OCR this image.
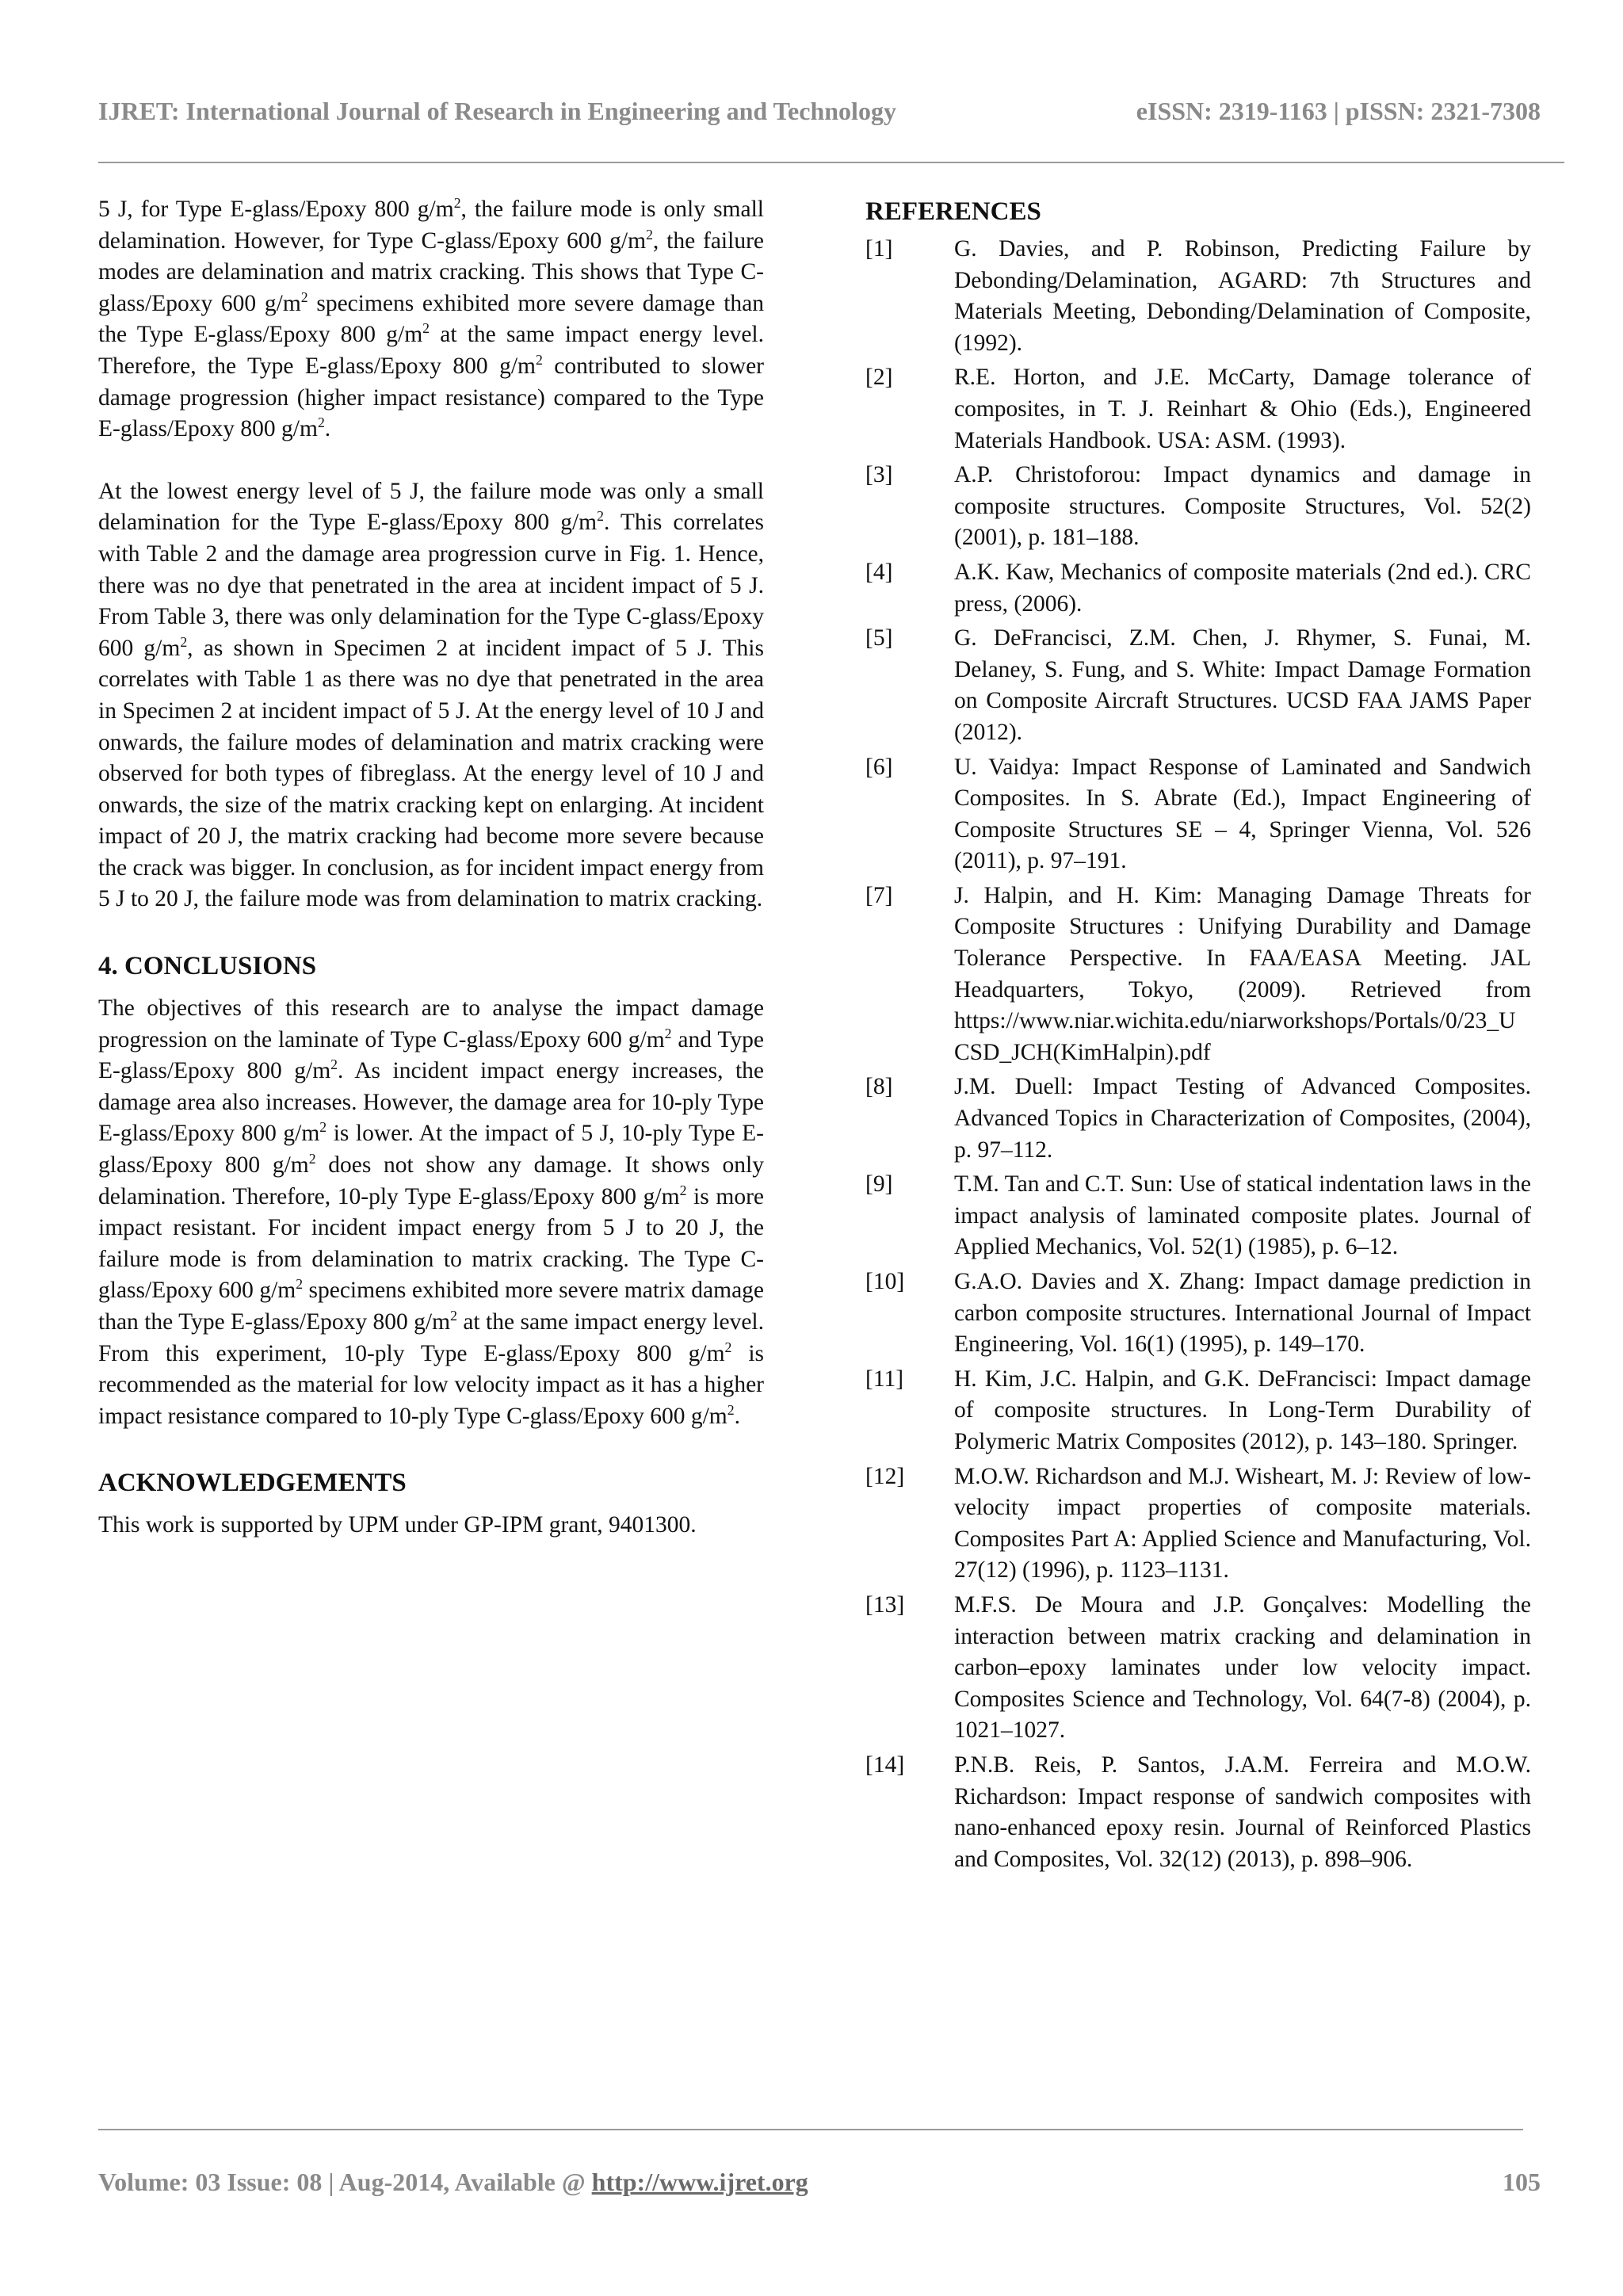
IJRET: International Journal of Research in Engineering and Technology	eISSN: 2319-1163 | pISSN: 2321-7308

5 J, for Type E-glass/Epoxy 800 $g/m^2$, the failure mode is only small delamination. However, for Type C-glass/Epoxy 600 $g/m^2$, the failure modes are delamination and matrix cracking. This shows that Type C-glass/Epoxy 600 $g/m^2$ specimens exhibited more severe damage than the Type E-glass/Epoxy 800 $g/m^2$ at the same impact energy level. Therefore, the Type E-glass/Epoxy 800 $g/m^2$ contributed to slower damage progression (higher impact resistance) compared to the Type E-glass/Epoxy 800 $g/m^2$.

At the lowest energy level of 5 J, the failure mode was only a small delamination for the Type E-glass/Epoxy 800 $g/m^2$. This correlates with Table 2 and the damage area progression curve in Fig. 1. Hence, there was no dye that penetrated in the area at incident impact of 5 J. From Table 3, there was only delamination for the Type C-glass/Epoxy 600 $g/m^2$, as shown in Specimen 2 at incident impact of 5 J. This correlates with Table 1 as there was no dye that penetrated in the area in Specimen 2 at incident impact of 5 J. At the energy level of 10 J and onwards, the failure modes of delamination and matrix cracking were observed for both types of fibreglass. At the energy level of 10 J and onwards, the size of the matrix cracking kept on enlarging. At incident impact of 20 J, the matrix cracking had become more severe because the crack was bigger. In conclusion, as for incident impact energy from 5 J to 20 J, the failure mode was from delamination to matrix cracking.

4. CONCLUSIONS

The objectives of this research are to analyse the impact damage progression on the laminate of Type C-glass/Epoxy 600 $g/m^2$ and Type E-glass/Epoxy 800 $g/m^2$. As incident impact energy increases, the damage area also increases. However, the damage area for 10-ply Type E-glass/Epoxy 800 $g/m^2$ is lower. At the impact of 5 J, 10-ply Type E-glass/Epoxy 800 $g/m^2$ does not show any damage. It shows only delamination. Therefore, 10-ply Type E-glass/Epoxy 800 $g/m^2$ is more impact resistant. For incident impact energy from 5 J to 20 J, the failure mode is from delamination to matrix cracking. The Type C-glass/Epoxy 600 $g/m^2$ specimens exhibited more severe matrix damage than the Type E-glass/Epoxy 800 $g/m^2$ at the same impact energy level. From this experiment, 10-ply Type E-glass/Epoxy 800 $g/m^2$ is recommended as the material for low velocity impact as it has a higher impact resistance compared to 10-ply Type C-glass/Epoxy 600 $g/m^2$.

ACKNOWLEDGEMENTS

This work is supported by UPM under GP-IPM grant, 9401300.

REFERENCES
[1]	G. Davies, and P. Robinson, Predicting Failure by Debonding/Delamination, AGARD: 7th Structures and Materials Meeting, Debonding/Delamination of Composite, (1992).
[2]	R.E. Horton, and J.E. McCarty, Damage tolerance of composites, in T. J. Reinhart & Ohio (Eds.), Engineered Materials Handbook. USA: ASM. (1993).
[3]	A.P. Christoforou: Impact dynamics and damage in composite structures. Composite Structures, Vol. 52(2) (2001), p. 181–188.
[4]	A.K. Kaw, Mechanics of composite materials (2nd ed.). CRC press, (2006).
[5]	G. DeFrancisci, Z.M. Chen, J. Rhymer, S. Funai, M. Delaney, S. Fung, and S. White: Impact Damage Formation on Composite Aircraft Structures. UCSD FAA JAMS Paper (2012).
[6]	U. Vaidya: Impact Response of Laminated and Sandwich Composites. In S. Abrate (Ed.), Impact Engineering of Composite Structures SE – 4, Springer Vienna, Vol. 526 (2011), p. 97–191.
[7]	J. Halpin, and H. Kim: Managing Damage Threats for Composite Structures : Unifying Durability and Damage Tolerance Perspective. In FAA/EASA Meeting. JAL Headquarters, Tokyo, (2009). Retrieved from https://www.niar.wichita.edu/niarworkshops/Portals/0/23_UCSD_JCH(KimHalpin).pdf
[8]	J.M. Duell: Impact Testing of Advanced Composites. Advanced Topics in Characterization of Composites, (2004), p. 97–112.
[9]	T.M. Tan and C.T. Sun: Use of statical indentation laws in the impact analysis of laminated composite plates. Journal of Applied Mechanics, Vol. 52(1) (1985), p. 6–12.
[10]	G.A.O. Davies and X. Zhang: Impact damage prediction in carbon composite structures. International Journal of Impact Engineering, Vol. 16(1) (1995), p. 149–170.
[11]	H. Kim, J.C. Halpin, and G.K. DeFrancisci: Impact damage of composite structures. In Long-Term Durability of Polymeric Matrix Composites (2012), p. 143–180. Springer.
[12]	M.O.W. Richardson and M.J. Wisheart, M. J: Review of low-velocity impact properties of composite materials. Composites Part A: Applied Science and Manufacturing, Vol. 27(12) (1996), p. 1123–1131.
[13]	M.F.S. De Moura and J.P. Gonçalves: Modelling the interaction between matrix cracking and delamination in carbon–epoxy laminates under low velocity impact. Composites Science and Technology, Vol. 64(7-8) (2004), p. 1021–1027.
[14]	P.N.B. Reis, P. Santos, J.A.M. Ferreira and M.O.W. Richardson: Impact response of sandwich composites with nano-enhanced epoxy resin. Journal of Reinforced Plastics and Composites, Vol. 32(12) (2013), p. 898–906.
Volume: 03 Issue: 08 | Aug-2014, Available @ http://www.ijret.org	105
